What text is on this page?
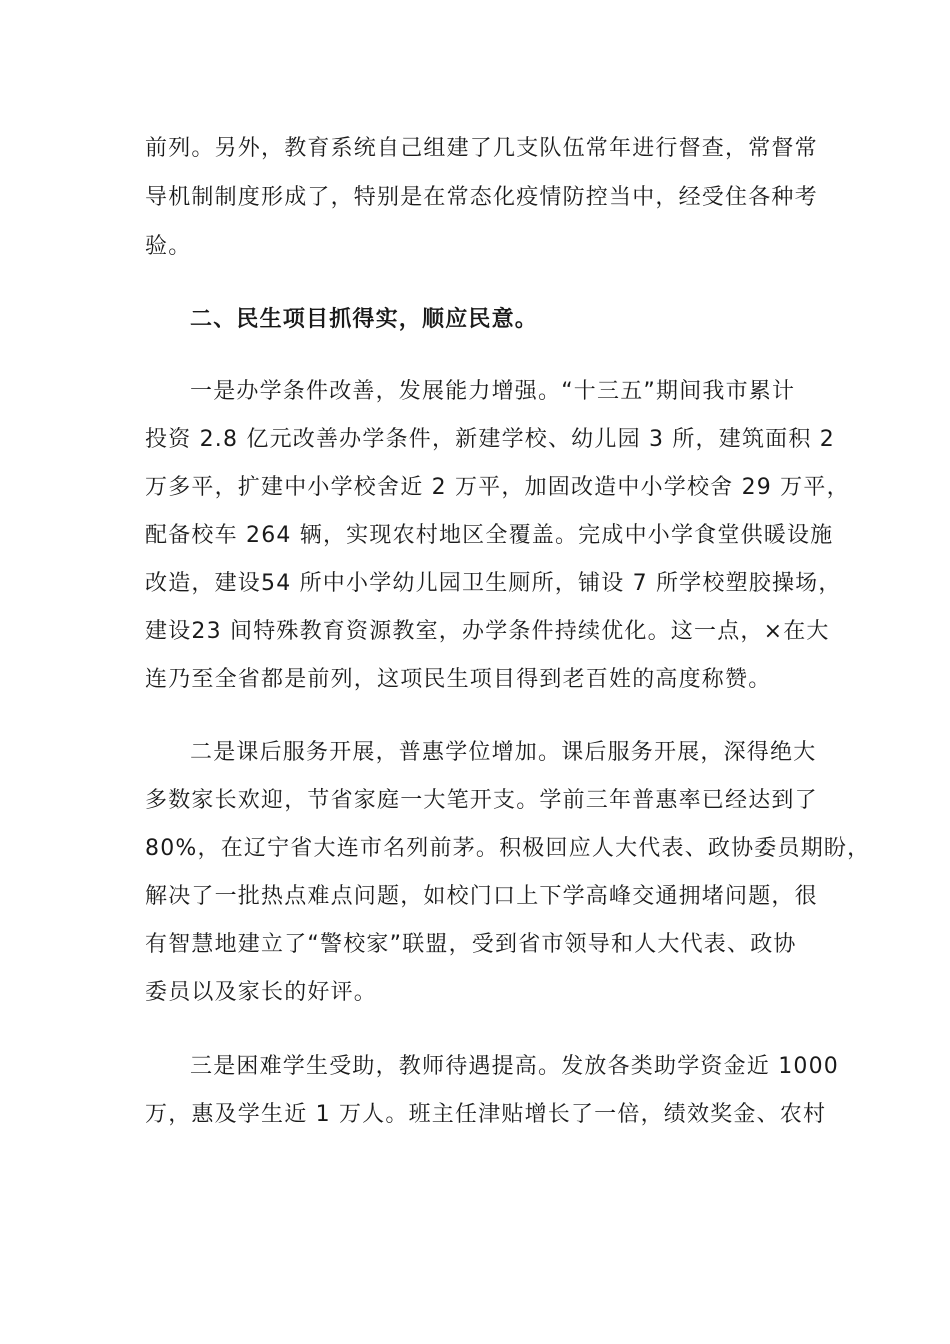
前列。另外，教育系统自己组建了几支队伍常年进行督查，常督常
导机制制度形成了，特别是在常态化疫情防控当中，经受住各种考
验。
二、民生项目抓得实，顺应民意。
一是办学条件改善，发展能力增强。“十三五”期间我市累计
投资 2.8 亿元改善办学条件，新建学校、幼儿园 3 所，建筑面积 2
万多平，扩建中小学校舍近 2 万平，加固改造中小学校舍 29 万平，
配备校车 264 辆，实现农村地区全覆盖。完成中小学食堂供暖设施
改造，建设54 所中小学幼儿园卫生厕所，铺设 7 所学校塑胶操场，
建设23 间特殊教育资源教室，办学条件持续优化。这一点，×在大
连乃至全省都是前列，这项民生项目得到老百姓的高度称赞。
二是课后服务开展，普惠学位增加。课后服务开展，深得绝大
多数家长欢迎，节省家庭一大笔开支。学前三年普惠率已经达到了
80%，在辽宁省大连市名列前茅。积极回应人大代表、政协委员期盼，
解决了一批热点难点问题，如校门口上下学高峰交通拥堵问题，很
有智慧地建立了“警校家”联盟，受到省市领导和人大代表、政协
委员以及家长的好评。
三是困难学生受助，教师待遇提高。发放各类助学资金近 1000
万，惠及学生近 1 万人。班主任津贴增长了一倍，绩效奖金、农村
